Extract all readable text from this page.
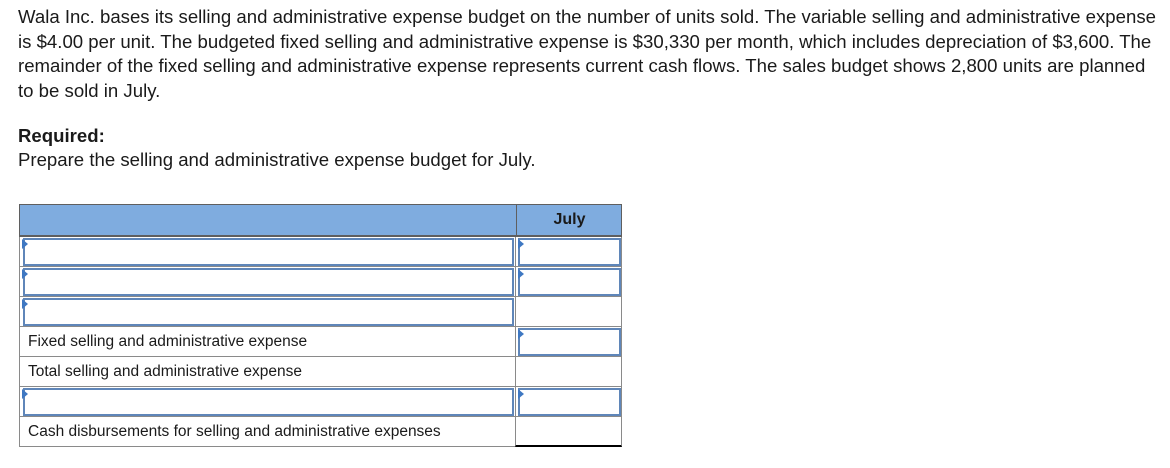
Wala Inc. bases its selling and administrative expense budget on the number of units sold. The variable selling and administrative expense is $4.00 per unit. The budgeted fixed selling and administrative expense is $30,330 per month, which includes depreciation of $3,600. The remainder of the fixed selling and administrative expense represents current cash flows. The sales budget shows 2,800 units are planned to be sold in July.
Required:
Prepare the selling and administrative expense budget for July.
July
Fixed selling and administrative expense
Total selling and administrative expense
Cash disbursements for selling and administrative expenses
